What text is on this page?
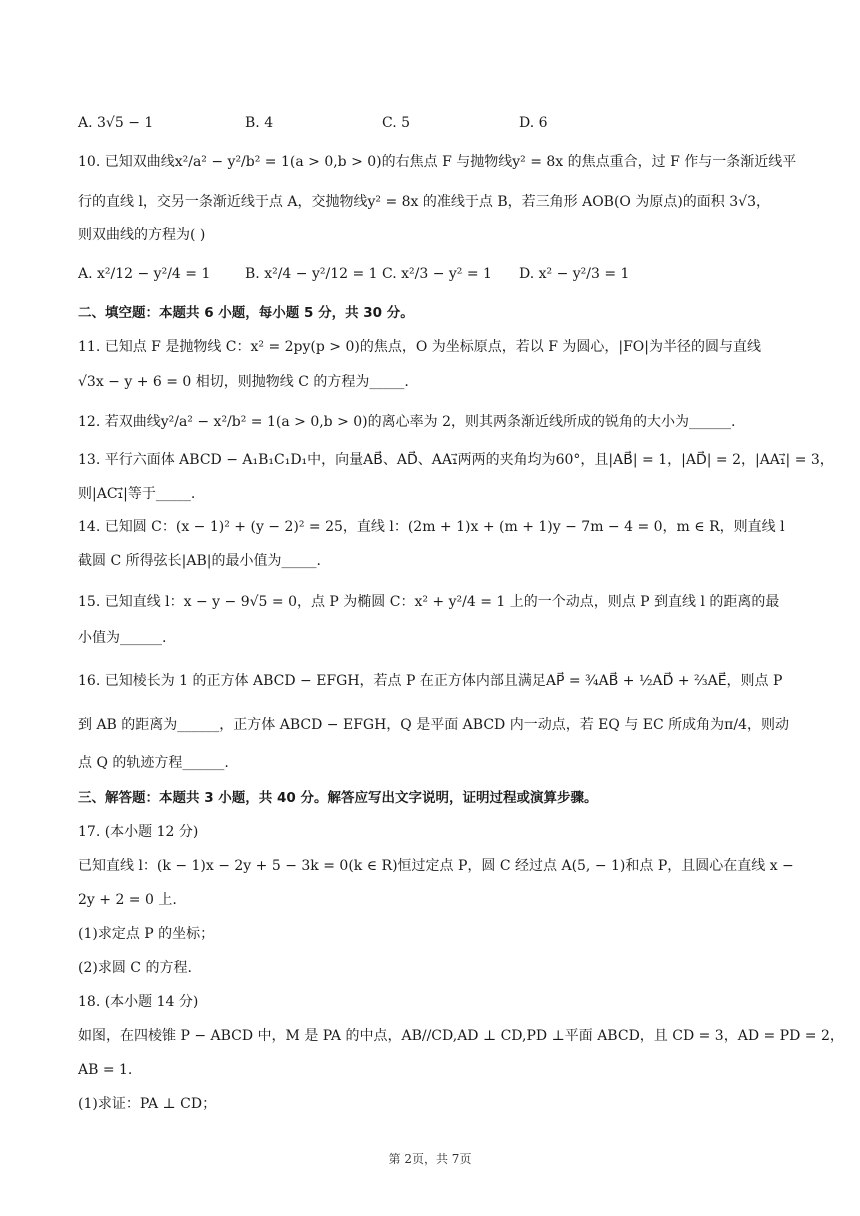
A. 3√5 − 1	B. 4	C. 5	D. 6
10. 已知双曲线x²/a² − y²/b² = 1(a > 0,b > 0)的右焦点 F 与抛物线y² = 8x 的焦点重合，过 F 作与一条渐近线平
行的直线 l，交另一条渐近线于点 A，交抛物线y² = 8x 的准线于点 B，若三角形 AOB(O 为原点)的面积 3√3，
则双曲线的方程为( )
A. x²/12 − y²/4 = 1 B. x²/4 − y²/12 = 1 C. x²/3 − y² = 1 D. x² − y²/3 = 1
二、填空题：本题共 6 小题，每小题 5 分，共 30 分。
11. 已知点 F 是抛物线 C：x² = 2py(p > 0)的焦点，O 为坐标原点，若以 F 为圆心，|FO|为半径的圆与直线
√3x − y + 6 = 0 相切，则抛物线 C 的方程为_____.
12. 若双曲线y²/a² − x²/b² = 1(a > 0,b > 0)的离心率为 2，则其两条渐近线所成的锐角的大小为______.
13. 平行六面体 ABCD − A₁B₁C₁D₁中，向量AB⃗、AD⃗、AA₁⃗两两的夹角均为60°，且|AB⃗| = 1，|AD⃗| = 2，|AA₁⃗| = 3，
则|AC₁⃗|等于_____.
14. 已知圆 C：(x − 1)² + (y − 2)² = 25，直线 l：(2m + 1)x + (m + 1)y − 7m − 4 = 0，m ∈ R，则直线 l
截圆 C 所得弦长|AB|的最小值为_____.
15. 已知直线 l：x − y − 9√5 = 0，点 P 为椭圆 C：x² + y²/4 = 1 上的一个动点，则点 P 到直线 l 的距离的最
小值为______.
16. 已知棱长为 1 的正方体 ABCD − EFGH，若点 P 在正方体内部且满足AP⃗ = ¾AB⃗ + ½AD⃗ + ⅔AE⃗，则点 P
到 AB 的距离为______，正方体 ABCD − EFGH，Q 是平面 ABCD 内一动点，若 EQ 与 EC 所成角为π/4，则动
点 Q 的轨迹方程______.
三、解答题：本题共 3 小题，共 40 分。解答应写出文字说明，证明过程或演算步骤。
17. (本小题 12 分)
已知直线 l：(k − 1)x − 2y + 5 − 3k = 0(k ∈ R)恒过定点 P，圆 C 经过点 A(5, − 1)和点 P，且圆心在直线 x −
2y + 2 = 0 上.
(1)求定点 P 的坐标；
(2)求圆 C 的方程.
18. (本小题 14 分)
如图，在四棱锥 P − ABCD 中，M 是 PA 的中点，AB//CD,AD ⊥ CD,PD ⊥平面 ABCD，且 CD = 3，AD = PD = 2，
AB = 1.
(1)求证：PA ⊥ CD；
第 2页，共 7页
